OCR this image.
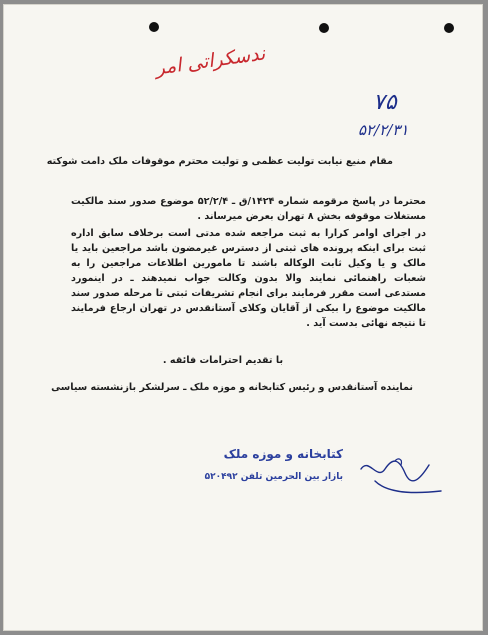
ندسکراتی امر
۷۵
۵۲/۲/۳۱
مقام منیع نیابت تولیت عظمی و تولیت محترم موقوفات ملک دامت شوکته
محترما در پاسخ مرقومه شماره ۱۴۲۴/ق ـ ۵۲/۲/۴ موضوع صدور سند مالکیت مستغلات موقوفه بخش ۸ تهران بعرض میرساند .
در اجرای اوامر کرارا به ثبت مراجعه شده مدتی است برخلاف سابق اداره ثبت برای اینکه پرونده های ثبتی از دسترس غیرمضون باشد مراجعین باید یا مالک و یا وکیل ثابت الوکاله باشند تا مامورین اطلاعات مراجعین را به شعبات راهنمائی نمایند والا بدون وکالت جواب نمیدهند ـ در اینمورد مستدعی است مقرر فرمایند برای انجام تشریفات ثبتی تا مرحله صدور سند مالکیت موضوع را بیکی از آقایان وکلای آستانقدس در تهران ارجاع فرمایند تا نتیجه نهائی بدست آید .
با تقدیم احترامات فائقه .
نماینده آستانقدس و رئیس کتابخانه و موزه ملک ـ سرلشکر بازنشسته سیاسی
کتابخانه و موزه ملک
بازار بین الحرمین تلفن ۵۲۰۴۹۲
